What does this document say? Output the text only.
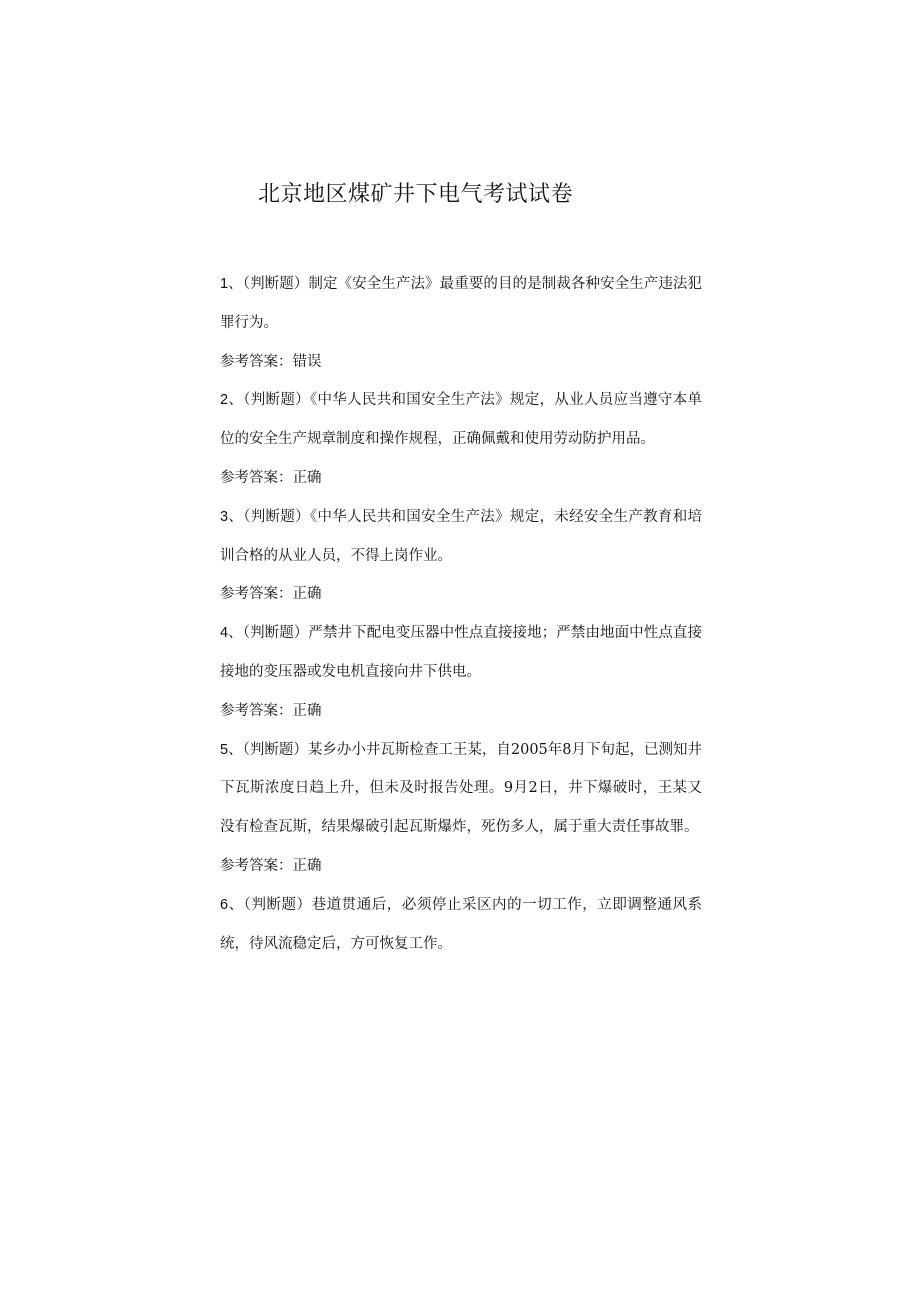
北京地区煤矿井下电气考试试卷

1、（判断题）制定《安全生产法》最重要的目的是制裁各种安全生产违法犯罪行为。

参考答案：错误

2、（判断题）《中华人民共和国安全生产法》规定，从业人员应当遵守本单位的安全生产规章制度和操作规程，正确佩戴和使用劳动防护用品。

参考答案：正确

3、（判断题）《中华人民共和国安全生产法》规定，未经安全生产教育和培训合格的从业人员，不得上岗作业。

参考答案：正确

4、（判断题）严禁井下配电变压器中性点直接接地；严禁由地面中性点直接接地的变压器或发电机直接向井下供电。

参考答案：正确

5、（判断题）某乡办小井瓦斯检查工王某，自2005年8月下旬起，已测知井下瓦斯浓度日趋上升，但未及时报告处理。9月2日，井下爆破时，王某又没有检查瓦斯，结果爆破引起瓦斯爆炸，死伤多人，属于重大责任事故罪。

参考答案：正确

6、（判断题）巷道贯通后，必须停止采区内的一切工作，立即调整通风系统，待风流稳定后，方可恢复工作。
